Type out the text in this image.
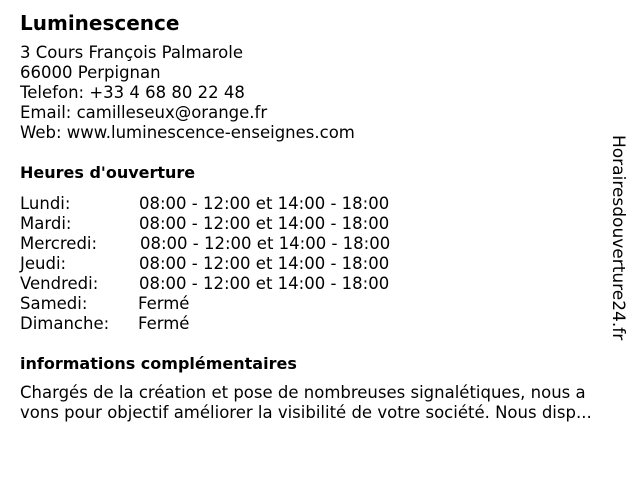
Luminescence
3 Cours François Palmarole
66000 Perpignan
Telefon: +33 4 68 80 22 48
Email: camilleseux@orange.fr
Web: www.luminescence-enseignes.com
Heures d'ouverture
Lundi:	08:00 - 12:00 et 14:00 - 18:00
Mardi:	08:00 - 12:00 et 14:00 - 18:00
Mercredi:	08:00 - 12:00 et 14:00 - 18:00
Jeudi:	08:00 - 12:00 et 14:00 - 18:00
Vendredi: 08:00 - 12:00 et 14:00 - 18:00
Samedi:	Fermé
Dimanche: Fermé
informations complémentaires
Chargés de la création et pose de nombreuses signalétiques, nous a
vons pour objectif améliorer la visibilité de votre société. Nous disp...
Horairesdouverture24.fr
